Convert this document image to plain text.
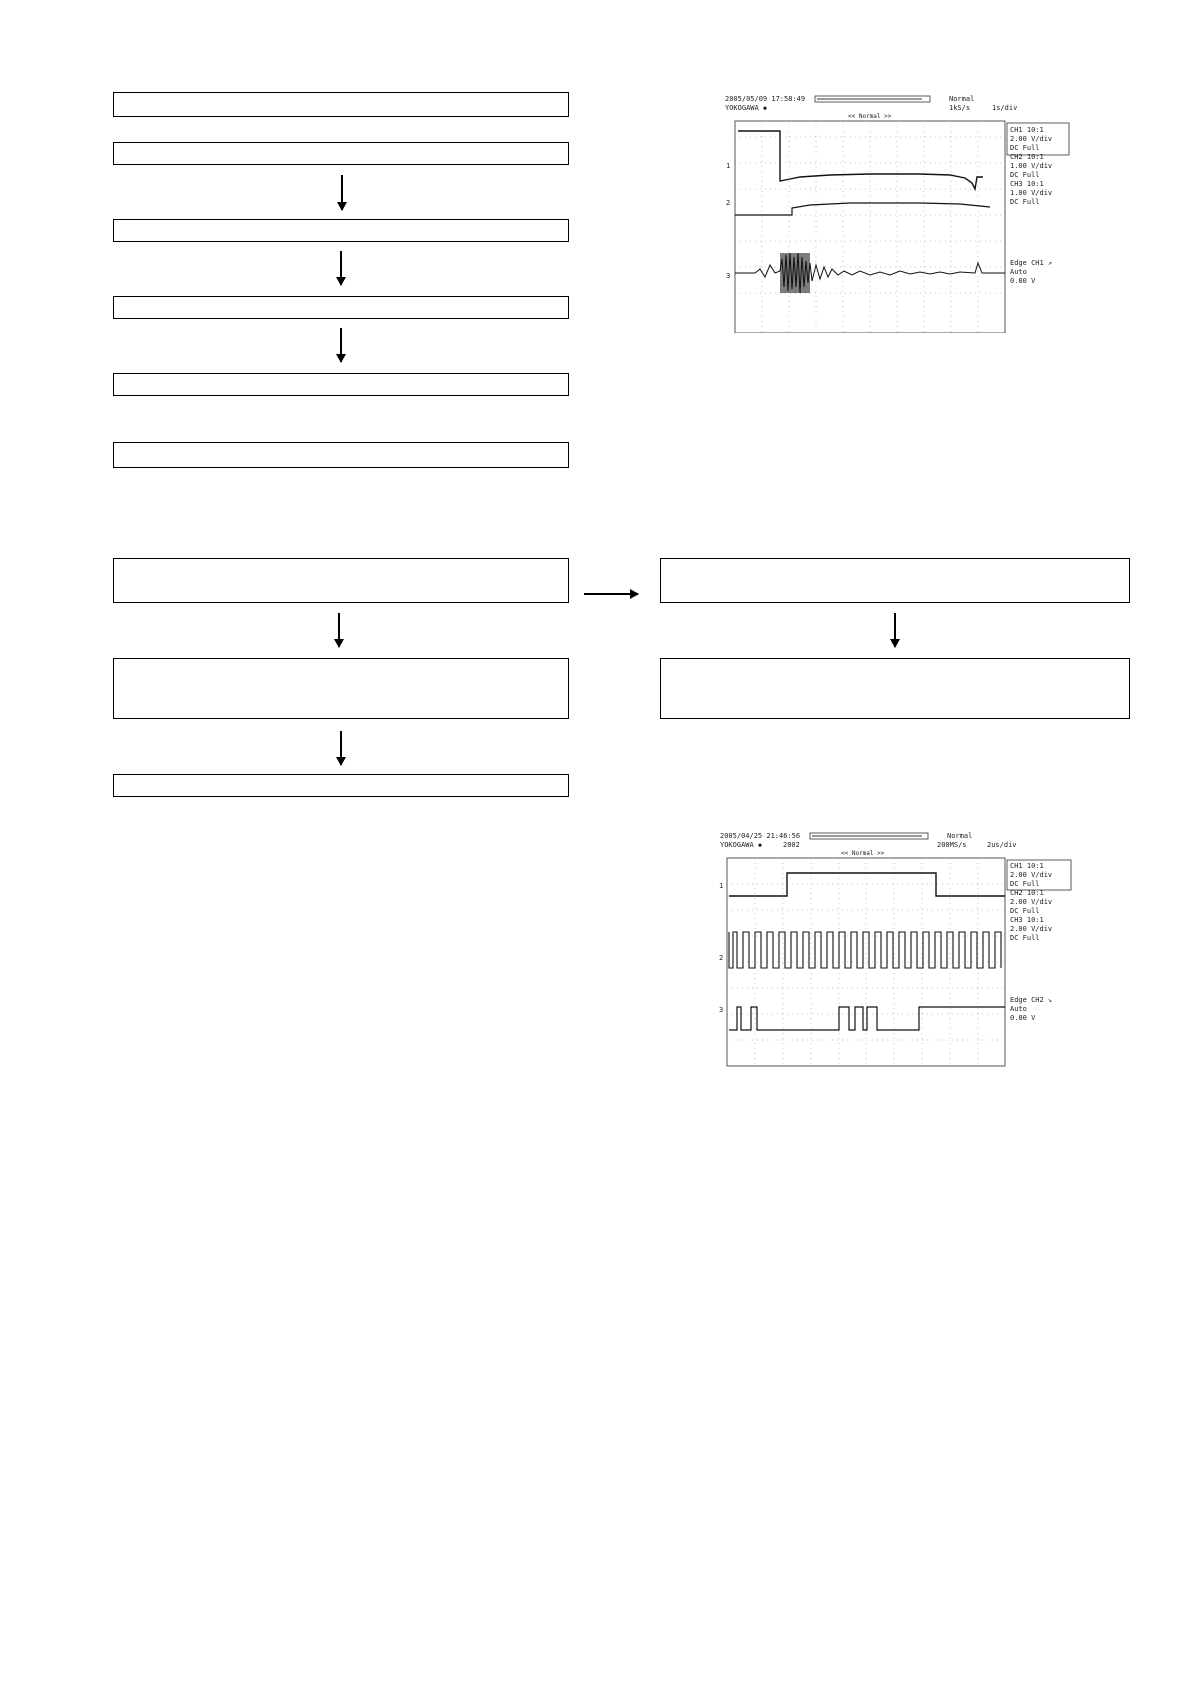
2005/05/09 17:58:49	Normal
YOKOGAWA ◆	1kS/s	1s/div
<< Normal >>
1
2
3
CH1 10:1
2.00 V/div
DC Full
CH2 10:1
1.00 V/div
DC Full
CH3 10:1
1.00 V/div
DC Full
Edge CH1 ↗
Auto
0.80 V
2005/04/25 21:46:56	Normal
YOKOGAWA ◆	2002	200MS/s	2us/div
<< Normal >>
1
2
3
CH1 10:1
2.00 V/div
DC Full
CH2 10:1
2.00 V/div
DC Full
CH3 10:1
2.00 V/div
DC Full
Edge CH2 ↘
Auto
0.80 V
